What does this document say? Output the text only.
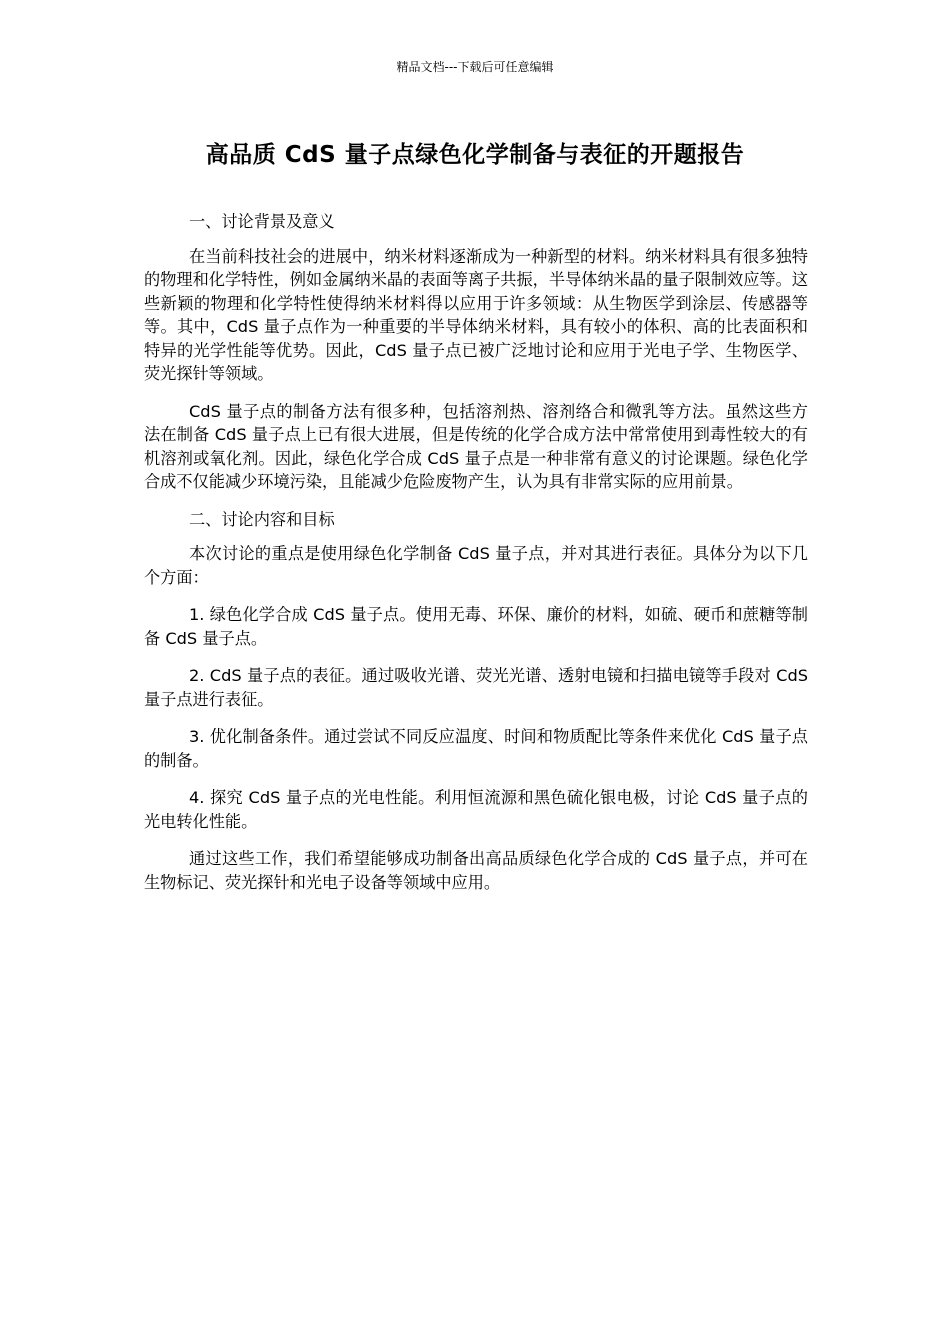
精品文档---下载后可任意编辑
高品质 CdS 量子点绿色化学制备与表征的开题报告

一、讨论背景及意义

在当前科技社会的进展中，纳米材料逐渐成为一种新型的材料。纳米材料具有很多独特的物理和化学特性，例如金属纳米晶的表面等离子共振，半导体纳米晶的量子限制效应等。这些新颖的物理和化学特性使得纳米材料得以应用于许多领域：从生物医学到涂层、传感器等等。其中，CdS 量子点作为一种重要的半导体纳米材料，具有较小的体积、高的比表面积和特异的光学性能等优势。因此，CdS 量子点已被广泛地讨论和应用于光电子学、生物医学、荧光探针等领域。

CdS 量子点的制备方法有很多种，包括溶剂热、溶剂络合和微乳等方法。虽然这些方法在制备 CdS 量子点上已有很大进展，但是传统的化学合成方法中常常使用到毒性较大的有机溶剂或氧化剂。因此，绿色化学合成 CdS 量子点是一种非常有意义的讨论课题。绿色化学合成不仅能减少环境污染，且能减少危险废物产生，认为具有非常实际的应用前景。

二、讨论内容和目标

本次讨论的重点是使用绿色化学制备 CdS 量子点，并对其进行表征。具体分为以下几个方面：

1. 绿色化学合成 CdS 量子点。使用无毒、环保、廉价的材料，如硫、硬币和蔗糖等制备 CdS 量子点。

2. CdS 量子点的表征。通过吸收光谱、荧光光谱、透射电镜和扫描电镜等手段对 CdS 量子点进行表征。

3. 优化制备条件。通过尝试不同反应温度、时间和物质配比等条件来优化 CdS 量子点的制备。

4. 探究 CdS 量子点的光电性能。利用恒流源和黑色硫化银电极，讨论 CdS 量子点的光电转化性能。

通过这些工作，我们希望能够成功制备出高品质绿色化学合成的 CdS 量子点，并可在生物标记、荧光探针和光电子设备等领域中应用。
